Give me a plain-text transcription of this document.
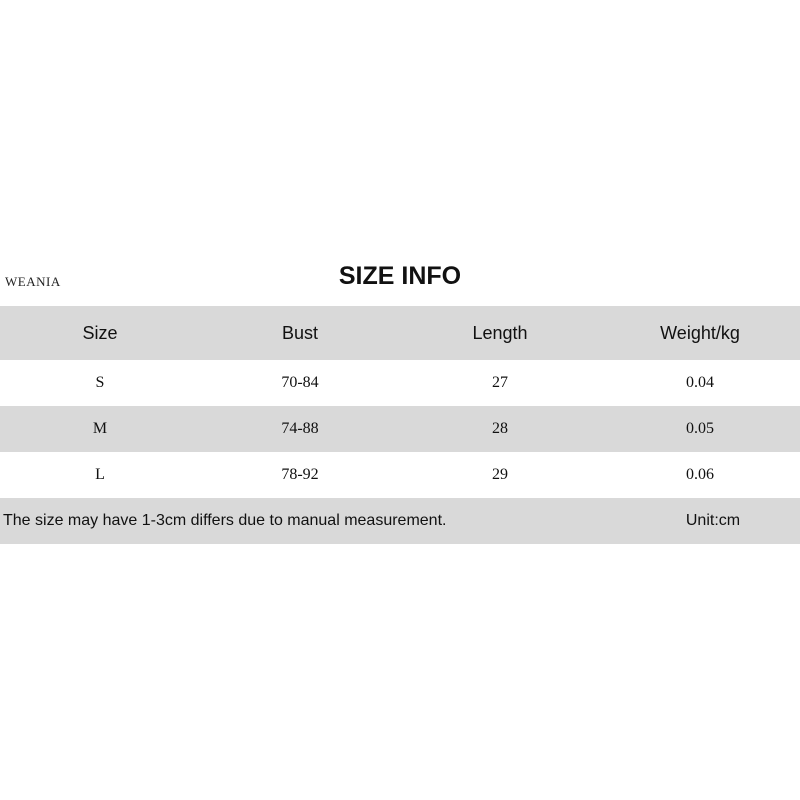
WEANIA	SIZE INFO
Size	Bust	Length	Weight/kg
S	70-84	27	0.04
M	74-88	28	0.05
L	78-92	29	0.06
The size may have 1-3cm differs due to manual measurement.	Unit:cm
